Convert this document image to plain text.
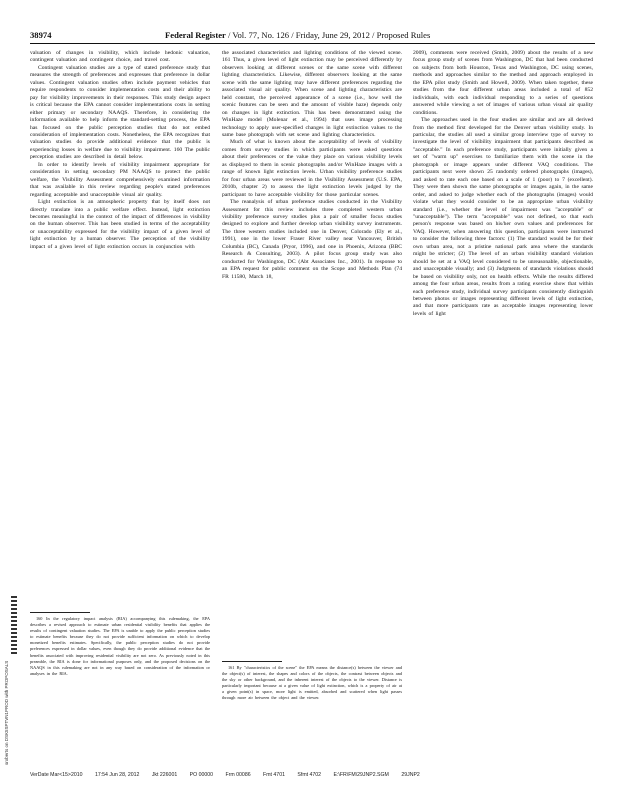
38974	Federal Register / Vol. 77, No. 126 / Friday, June 29, 2012 / Proposed Rules

valuation of changes in visibility, which include hedonic valuation, contingent valuation and contingent choice, and travel cost.

Contingent valuation studies are a type of stated preference study that measures the strength of preferences and expresses that preference in dollar values. Contingent valuation studies often include payment vehicles that require respondents to consider implementation costs and their ability to pay for visibility improvements in their responses. This study design aspect is critical because the EPA cannot consider implementations costs in setting either primary or secondary NAAQS. Therefore, in considering the information available to help inform the standard-setting process, the EPA has focused on the public perception studies that do not embed consideration of implementation costs. Nonetheless, the EPA recognizes that valuation studies do provide additional evidence that the public is experiencing losses in welfare due to visibility impairment. 160 The public perception studies are described in detail below.

In order to identify levels of visibility impairment appropriate for consideration in setting secondary PM NAAQS to protect the public welfare, the Visibility Assessment comprehensively examined information that was available in this review regarding people's stated preferences regarding acceptable and unacceptable visual air quality.

Light extinction is an atmospheric property that by itself does not directly translate into a public welfare effect. Instead, light extinction becomes meaningful in the context of the impact of differences in visibility on the human observer. This has been studied in terms of the acceptability or unacceptability expressed for the visibility impact of a given level of light extinction by a human observer. The perception of the visibility impact of a given level of light extinction occurs in conjunction with

160 In the regulatory impact analysis (RIA) accompanying this rulemaking, the EPA describes a revised approach to estimate urban residential visibility benefits that applies the results of contingent valuation studies. The EPA is unable to apply the public perception studies to estimate benefits because they do not provide sufficient information on which to develop monetized benefits estimates. Specifically, the public perception studies do not provide preferences expressed in dollar values, even though they do provide additional evidence that the benefits associated with improving residential visibility are not zero. As previously noted in this preamble, the RIA is done for informational purposes only, and the proposed decisions on the NAAQS in this rulemaking are not in any way based on consideration of the information or analyses in the RIA.

the associated characteristics and lighting conditions of the viewed scene. 161 Thus, a given level of light extinction may be perceived differently by observers looking at different scenes or the same scene with different lighting characteristics. Likewise, different observers looking at the same scene with the same lighting may have different preferences regarding the associated visual air quality. When scene and lighting characteristics are held constant, the perceived appearance of a scene (i.e., how well the scenic features can be seen and the amount of visible haze) depends only on changes in light extinction. This has been demonstrated using the WinHaze model (Molenar et al., 1994) that uses image processing technology to apply user-specified changes in light extinction values to the same base photograph with set scene and lighting characteristics.

Much of what is known about the acceptability of levels of visibility comes from survey studies in which participants were asked questions about their preferences or the value they place on various visibility levels as displayed to them in scenic photographs and/or WinHaze images with a range of known light extinction levels. Urban visibility preference studies for four urban areas were reviewed in the Visibility Assessment (U.S. EPA, 2010b, chapter 2) to assess the light extinction levels judged by the participant to have acceptable visibility for those particular scenes.

The reanalysis of urban preference studies conducted in the Visibility Assessment for this review includes three completed western urban visibility preference survey studies plus a pair of smaller focus studies designed to explore and further develop urban visibility survey instruments. The three western studies included one in Denver, Colorado (Ely et al., 1991), one in the lower Fraser River valley near Vancouver, British Columbia (BC), Canada (Pryor, 1996), and one in Phoenix, Arizona (BBC Research & Consulting, 2003). A pilot focus group study was also conducted for Washington, DC (Abt Associates Inc., 2001). In response to an EPA request for public comment on the Scope and Methods Plan (74 FR 11580, March 18,

161 By "characteristics of the scene" the EPA means the distance(s) between the viewer and the object(s) of interest, the shapes and colors of the objects, the contrast between objects and the sky or other background, and the inherent interest of the objects to the viewer. Distance is particularly important because at a given value of light extinction, which is a property of air at a given point(s) in space, more light is emitted, absorbed and scattered when light passes through more air between the object and the viewer.

2009), comments were received (Smith, 2009) about the results of a new focus group study of scenes from Washington, DC that had been conducted on subjects from both Houston, Texas and Washington, DC using scenes, methods and approaches similar to the method and approach employed in the EPA pilot study (Smith and Howell, 2009). When taken together, these studies from the four different urban areas included a total of 852 individuals, with each individual responding to a series of questions answered while viewing a set of images of various urban visual air quality conditions.

The approaches used in the four studies are similar and are all derived from the method first developed for the Denver urban visibility study. In particular, the studies all used a similar group interview type of survey to investigate the level of visibility impairment that participants described as "acceptable." In each preference study, participants were initially given a set of "warm up" exercises to familiarize them with the scene in the photograph or image appears under different VAQ conditions. The participants next were shown 25 randomly ordered photographs (images), and asked to rate each one based on a scale of 1 (poor) to 7 (excellent). They were then shown the same photographs or images again, in the same order, and asked to judge whether each of the photographs (images) would violate what they would consider to be an appropriate urban visibility standard (i.e., whether the level of impairment was "acceptable" or "unacceptable"). The term "acceptable" was not defined, so that each person's response was based on his/her own values and preferences for VAQ. However, when answering this question, participants were instructed to consider the following three factors: (1) The standard would be for their own urban area, not a pristine national park area where the standards might be stricter; (2) The level of an urban visibility standard violation should be set at a VAQ level considered to be unreasonable, objectionable, and unacceptable visually; and (3) Judgments of standards violations should be based on visibility only, not on health effects. While the results differed among the four urban areas, results from a rating exercise show that within each preference study, individual survey participants consistently distinguish between photos or images representing different levels of light extinction, and that more participants rate as acceptable images representing lower levels of light

sroberts on DSK5SPTVN1PROD with PROPOSALS
VerDate Mar<15>2010 17:54 Jun 28, 2012 Jkt 226001 PO 00000 Frm 00086 Fmt 4701 Sfmt 4702 E:\FR\FM\29JNP2.SGM 29JNP2
